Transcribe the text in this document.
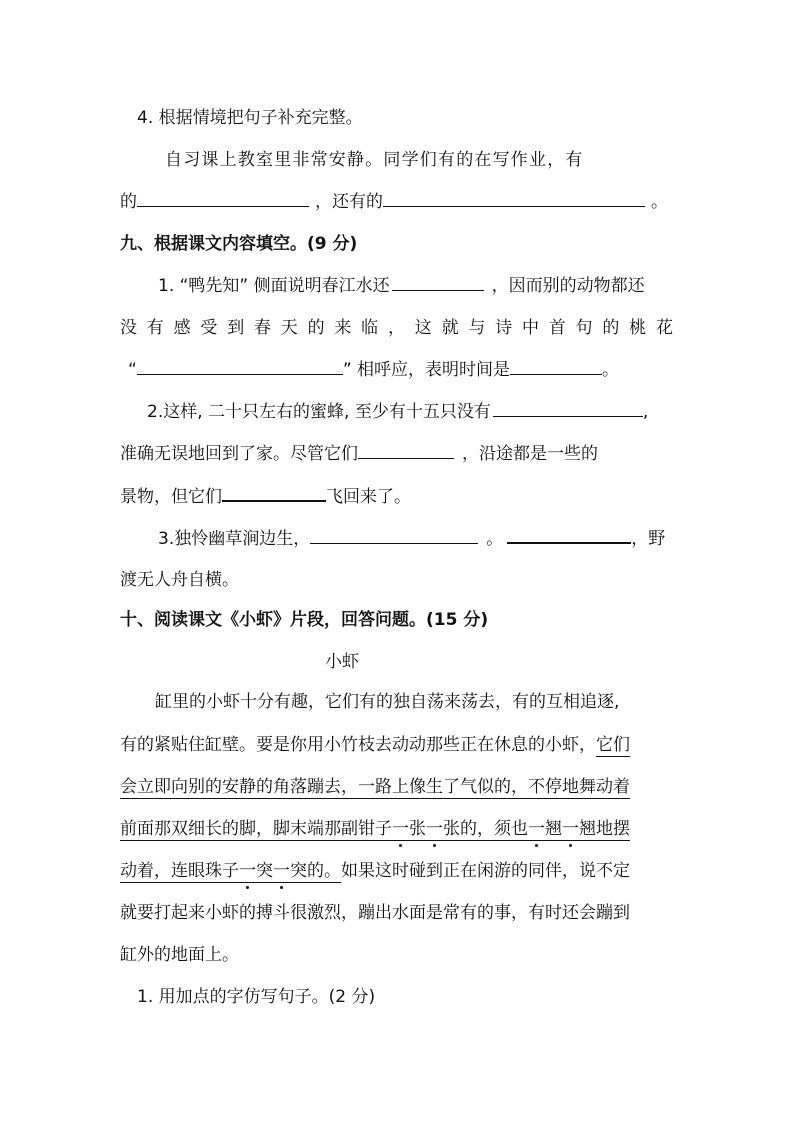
4. 根据情境把句子补充完整。
自习课上教室里非常安静。同学们有的在写作业，有
的	，还有的	。
九、根据课文内容填空。(9 分)
1. “鸭先知” 侧面说明春江水还	，因而别的动物都还
没 有 感 受 到 春 天 的 来 临 ， 这 就 与 诗 中 首 句 的 桃 花
“	” 相呼应，表明时间是	。
2.这样, 二十只左右的蜜蜂, 至少有十五只没有	,
准确无误地回到了家。尽管它们	，沿途都是一些的
景物，但它们	飞回来了。
3.独怜幽草涧边生，	。	，野
渡无人舟自横。
十、阅读课文《小虾》片段，回答问题。(15 分)
小虾
缸里的小虾十分有趣，它们有的独自荡来荡去，有的互相追逐,
有的紧贴住缸壁。要是你用小竹枝去动动那些正在休息的小虾，它们
会立即向别的安静的角落蹦去，一路上像生了气似的，不停地舞动着
前面那双细长的脚，脚末端那副钳子一张一张的，须也一翘一翘地摆
动着，连眼珠子一突一突的。如果这时碰到正在闲游的同伴，说不定
就要打起来小虾的搏斗很激烈，蹦出水面是常有的事，有时还会蹦到
缸外的地面上。
1. 用加点的字仿写句子。(2 分)
